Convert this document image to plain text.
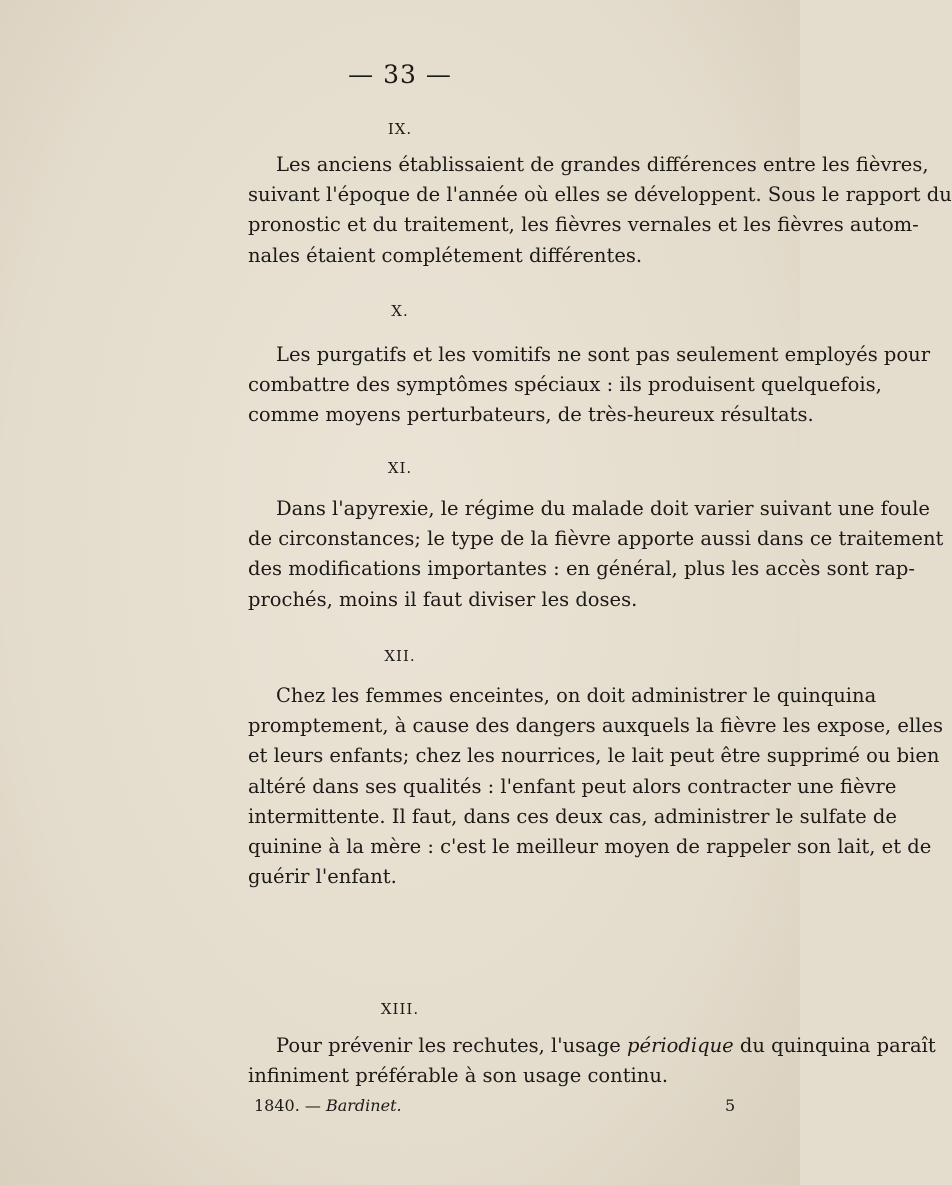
— 33 —
IX.
Les anciens établissaient de grandes différences entre les fièvres,
suivant l'époque de l'année où elles se développent. Sous le rapport du
pronostic et du traitement, les fièvres vernales et les fièvres autom-
nales étaient complétement différentes.
X.
Les purgatifs et les vomitifs ne sont pas seulement employés pour
combattre des symptômes spéciaux : ils produisent quelquefois,
comme moyens perturbateurs, de très-heureux résultats.
XI.
Dans l'apyrexie, le régime du malade doit varier suivant une foule
de circonstances; le type de la fièvre apporte aussi dans ce traitement
des modifications importantes : en général, plus les accès sont rap-
prochés, moins il faut diviser les doses.
XII.
Chez les femmes enceintes, on doit administrer le quinquina
promptement, à cause des dangers auxquels la fièvre les expose, elles
et leurs enfants; chez les nourrices, le lait peut être supprimé ou bien
altéré dans ses qualités : l'enfant peut alors contracter une fièvre
intermittente. Il faut, dans ces deux cas, administrer le sulfate de
quinine à la mère : c'est le meilleur moyen de rappeler son lait, et de
guérir l'enfant.
XIII.
Pour prévenir les rechutes, l'usage périodique du quinquina paraît
infiniment préférable à son usage continu.
1840. — Bardinet.	5
